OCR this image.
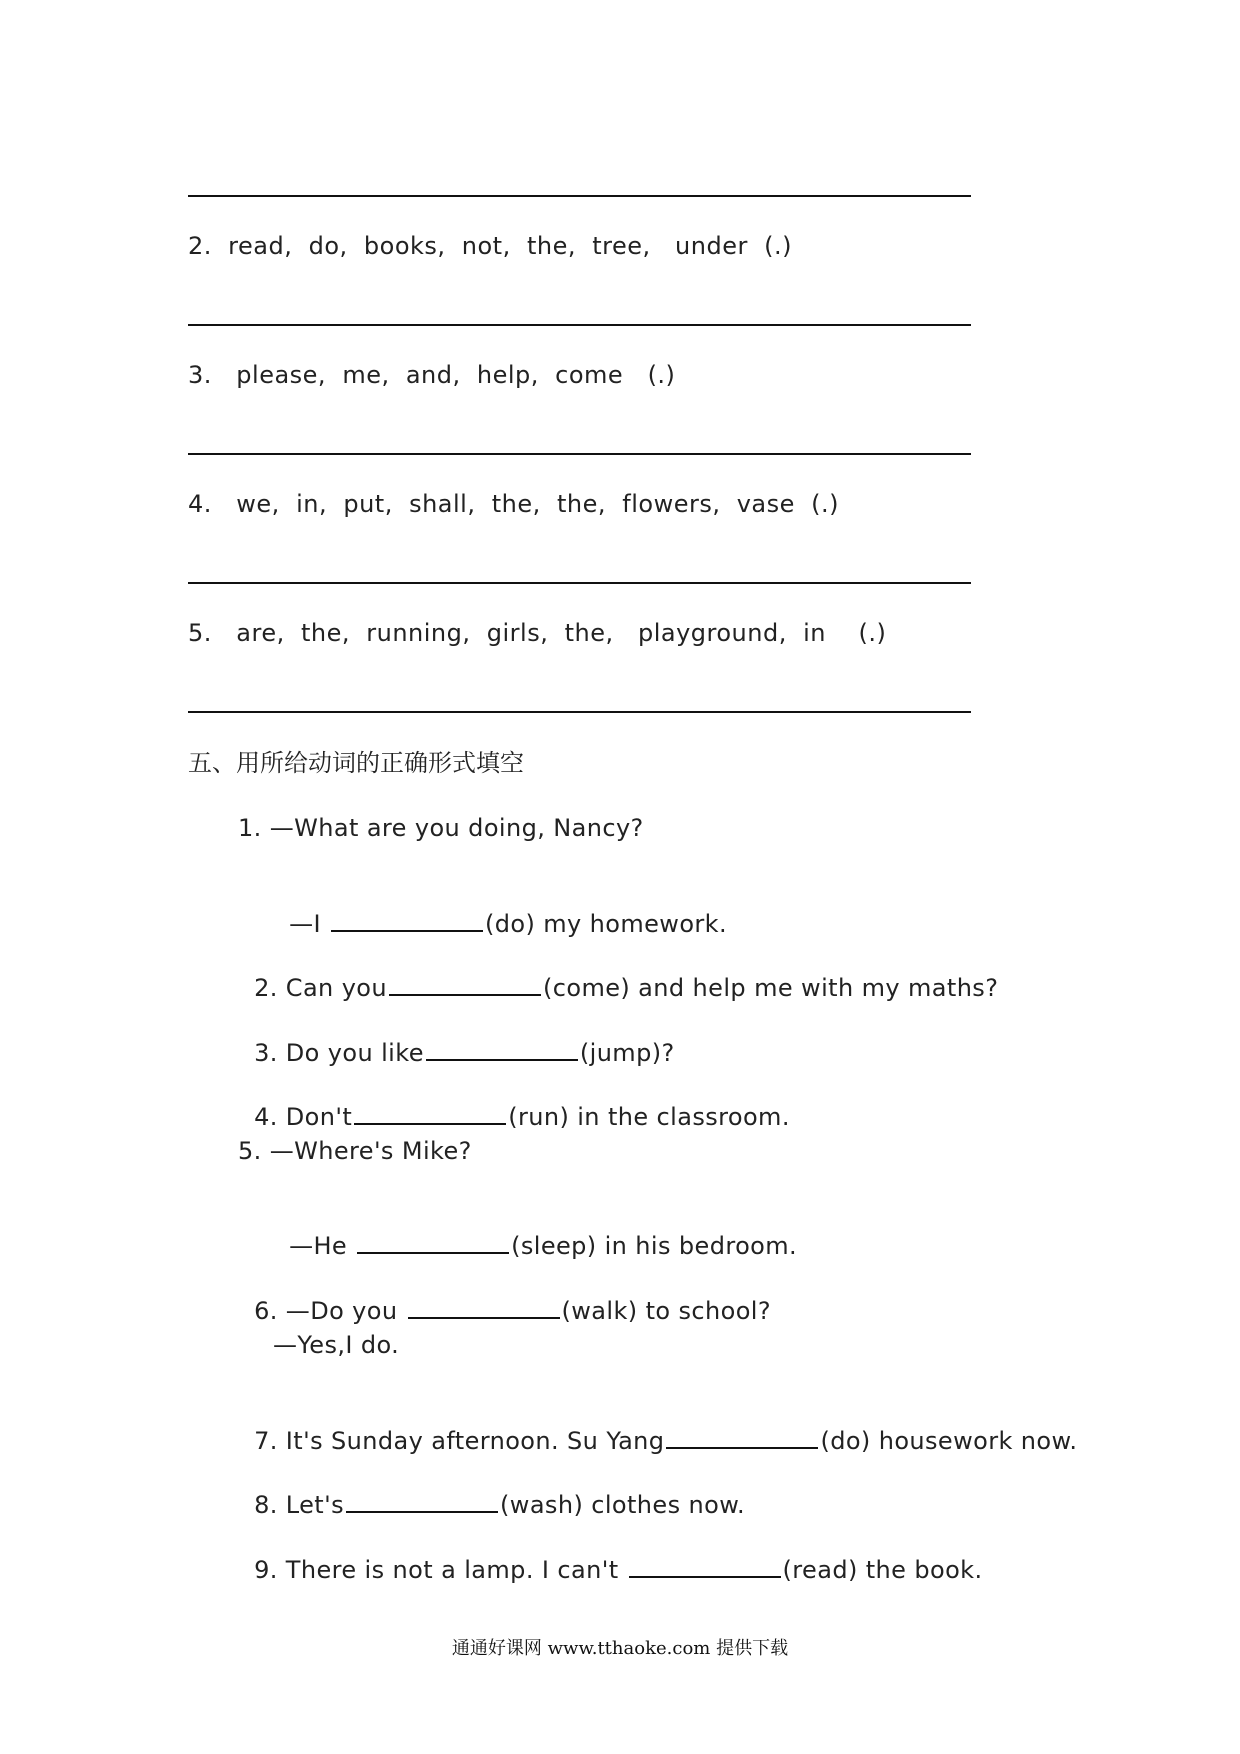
2.  read,  do,  books,  not,  the,  tree,   under  (.)
3.   please,  me,  and,  help,  come   (.)
4.   we,  in,  put,  shall,  the,  the,  flowers,  vase  (.)
5.   are,  the,  running,  girls,  the,   playground,  in    (.)
五、用所给动词的正确形式填空
1. —What are you doing, Nancy?

—I	(do) my homework.

2. Can you	(come) and help me with my maths?

3. Do you like	(jump)?

4. Don't	(run) in the classroom.

5. —Where's Mike?

—He	(sleep) in his bedroom.

6. —Do you	(walk) to school?

—Yes,I do.

7. It's Sunday afternoon. Su Yang	(do) housework now.

8. Let's	(wash) clothes now.

9. There is not a lamp. I can't	(read) the book.

通通好课网 www.tthaoke.com 提供下载
